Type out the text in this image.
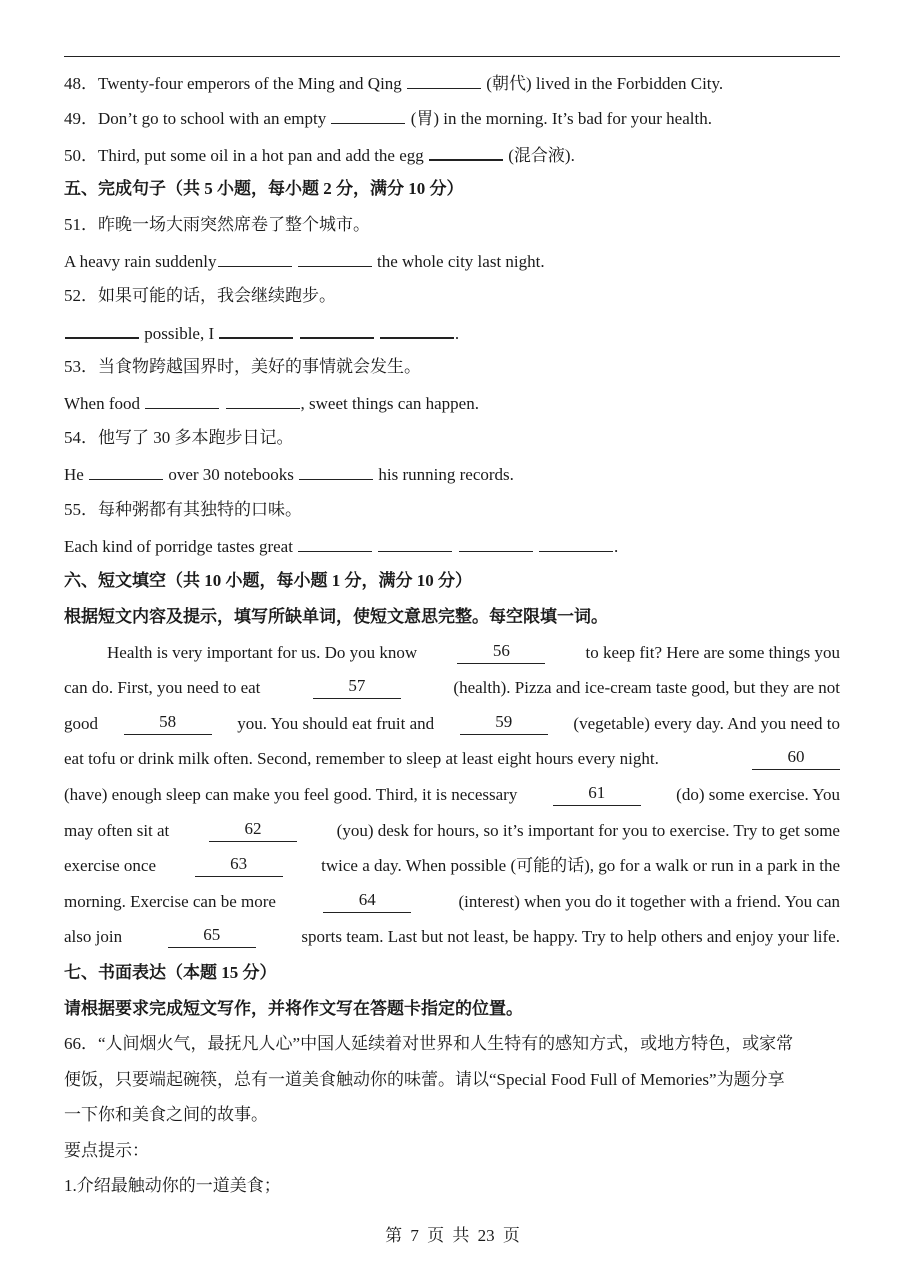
48．Twenty-four emperors of the Ming and Qing	(朝代) lived in the Forbidden City.
49．Don’t go to school with an empty	(胃) in the morning. It’s bad for your health.
50．Third, put some oil in a hot pan and add the egg	(混合液).
五、完成句子（共 5 小题，每小题 2 分，满分 10 分）
51．昨晚一场大雨突然席卷了整个城市。
A heavy rain suddenly	the whole city last night.
52．如果可能的话，我会继续跑步。
possible, I	.
53．当食物跨越国界时，美好的事情就会发生。
When food	, sweet things can happen.
54．他写了 30 多本跑步日记。
He	over 30 notebooks	his running records.
55．每种粥都有其独特的口味。
Each kind of porridge tastes great	.
六、短文填空（共 10 小题，每小题 1 分，满分 10 分）
根据短文内容及提示，填写所缺单词，使短文意思完整。每空限填一词。
Health is very important for us. Do you know	56	to keep fit? Here are some things you
can do. First, you need to eat	57	(health). Pizza and ice-cream taste good, but they are not
good	58	you. You should eat fruit and	59	(vegetable) every day. And you need to
eat tofu or drink milk often. Second, remember to sleep at least eight hours every night.	60
(have) enough sleep can make you feel good. Third, it is necessary	61	(do) some exercise. You
may often sit at	62	(you) desk for hours, so it’s important for you to exercise. Try to get some
exercise once	63	twice a day. When possible (可能的话), go for a walk or run in a park in the
morning. Exercise can be more	64	(interest) when you do it together with a friend. You can
also join	65	sports team. Last but not least, be happy. Try to help others and enjoy your life.
七、书面表达（本题 15 分）
请根据要求完成短文写作，并将作文写在答题卡指定的位置。
66．“人间烟火气，最抚凡人心”中国人延续着对世界和人生特有的感知方式，或地方特色，或家常
便饭，只要端起碗筷，总有一道美食触动你的味蕾。请以“Special Food Full of Memories”为题分享
一下你和美食之间的故事。
要点提示：
1.介绍最触动你的一道美食；
第 7 页 共 23 页
